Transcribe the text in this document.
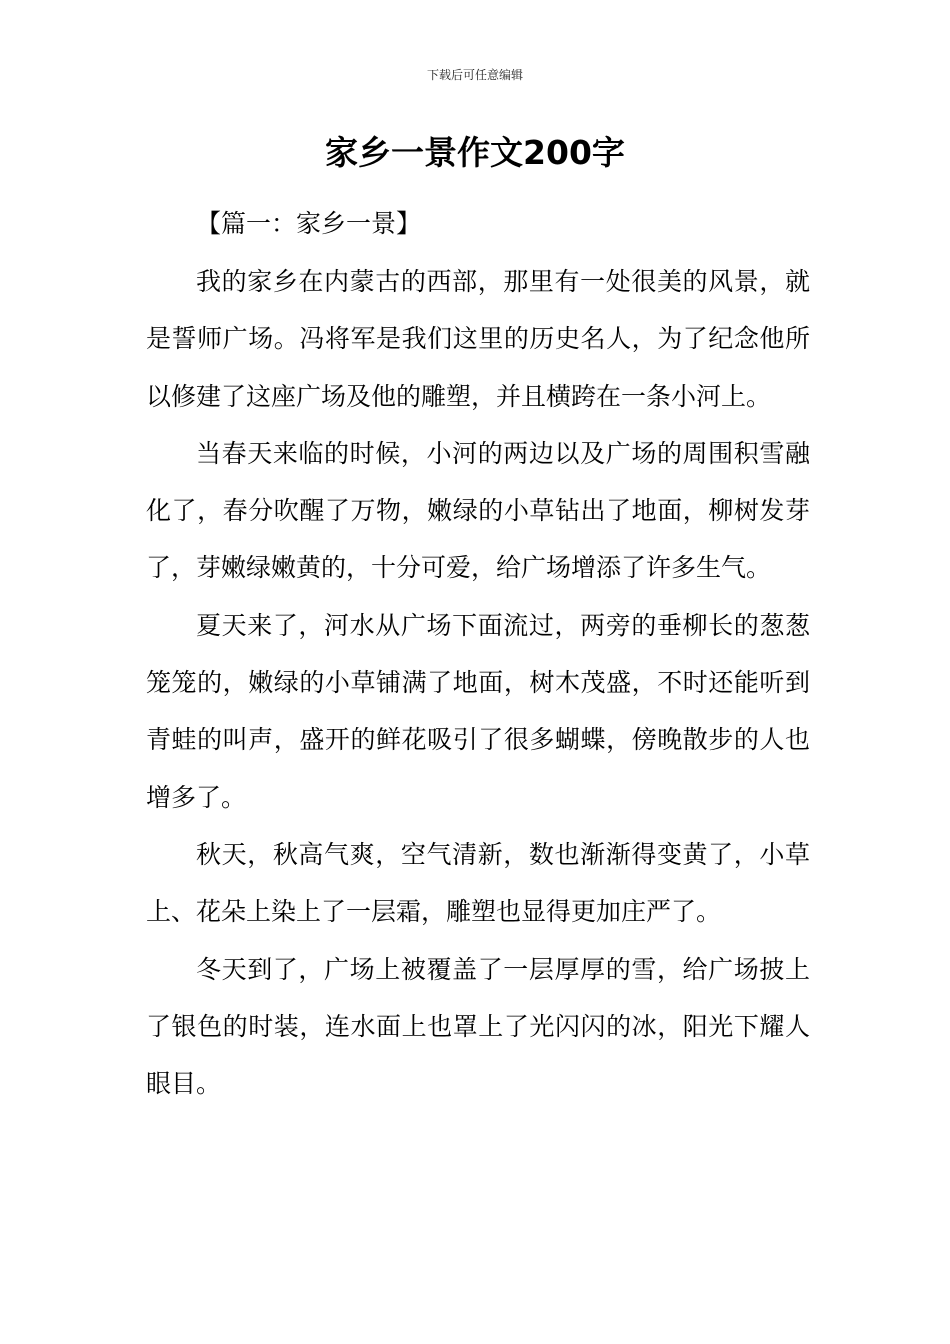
下载后可任意编辑
家乡一景作文200字

【篇一：家乡一景】

我的家乡在内蒙古的西部，那里有一处很美的风景，就是誓师广场。冯将军是我们这里的历史名人，为了纪念他所以修建了这座广场及他的雕塑，并且横跨在一条小河上。

当春天来临的时候，小河的两边以及广场的周围积雪融化了，春分吹醒了万物，嫩绿的小草钻出了地面，柳树发芽了，芽嫩绿嫩黄的，十分可爱，给广场增添了许多生气。

夏天来了，河水从广场下面流过，两旁的垂柳长的葱葱笼笼的，嫩绿的小草铺满了地面，树木茂盛，不时还能听到青蛙的叫声，盛开的鲜花吸引了很多蝴蝶，傍晚散步的人也增多了。

秋天，秋高气爽，空气清新，数也渐渐得变黄了，小草上、花朵上染上了一层霜，雕塑也显得更加庄严了。

冬天到了，广场上被覆盖了一层厚厚的雪，给广场披上了银色的时装，连水面上也罩上了光闪闪的冰，阳光下耀人眼目。
